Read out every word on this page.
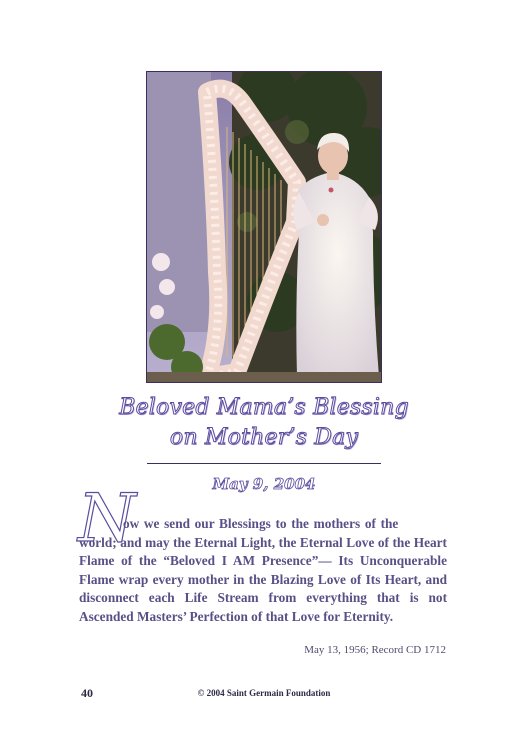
Beloved Mama’s Blessing
on Mother’s Day
May 9, 2004
N
ow we send our Blessings to the mothers of the world; and may the Eternal Light, the Eternal Love of the Heart Flame of the “Beloved I AM Presence”— Its Unconquerable Flame wrap every mother in the Blazing Love of Its Heart, and disconnect each Life Stream from everything that is not Ascended Masters’ Perfection of that Love for Eternity.
May 13, 1956; Record CD 1712
40	© 2004 Saint Germain Foundation
